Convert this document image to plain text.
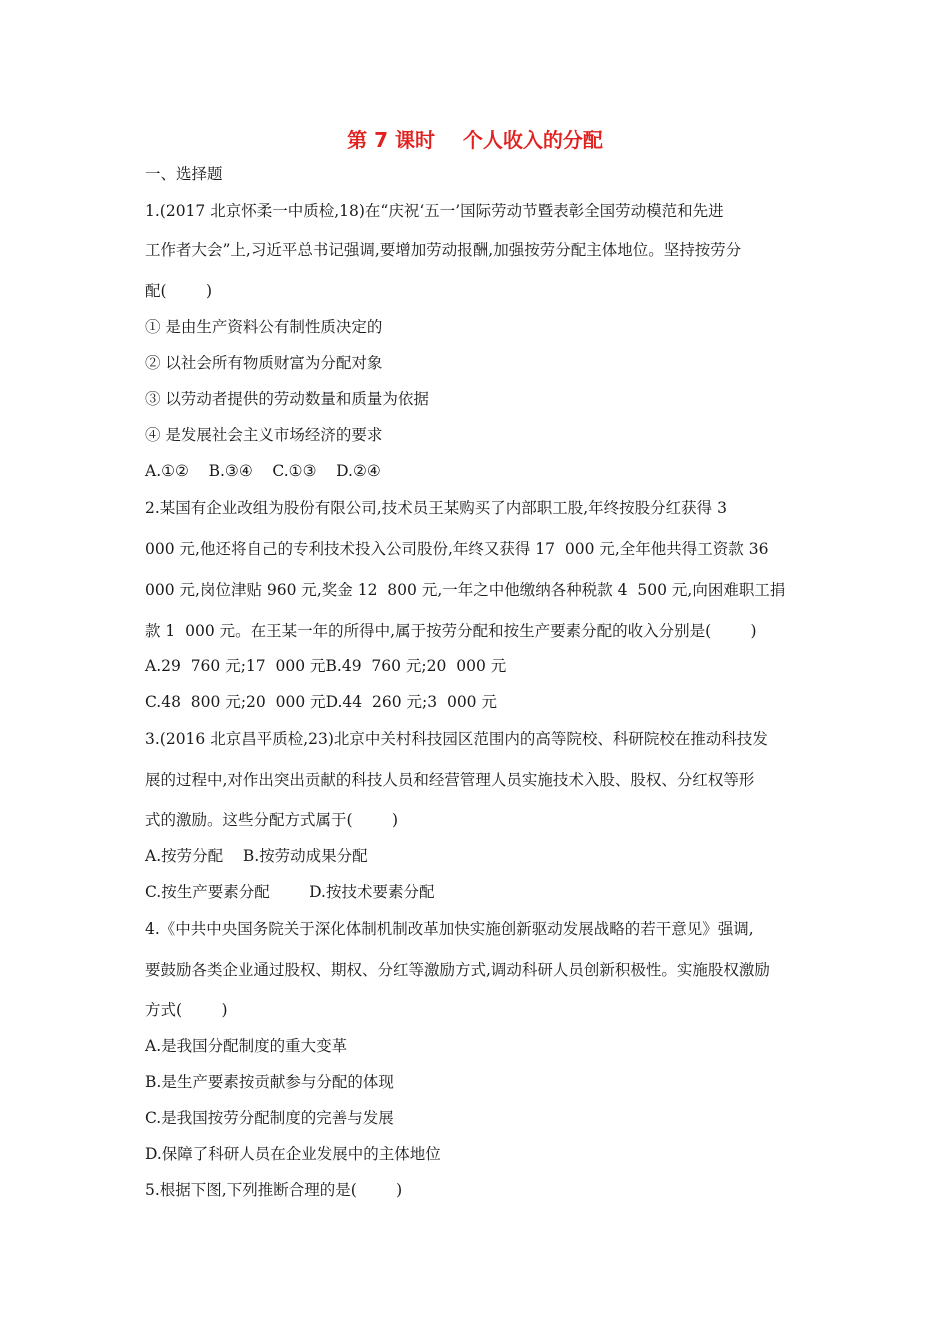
第 7 课时    个人收入的分配
一、选择题
1.(2017 北京怀柔一中质检,18)在“庆祝‘五一’国际劳动节暨表彰全国劳动模范和先进
工作者大会”上,习近平总书记强调,要增加劳动报酬,加强按劳分配主体地位。坚持按劳分
配(        )
① 是由生产资料公有制性质决定的
② 以社会所有物质财富为分配对象
③ 以劳动者提供的劳动数量和质量为依据
④ 是发展社会主义市场经济的要求
A.①②    B.③④    C.①③    D.②④
2.某国有企业改组为股份有限公司,技术员王某购买了内部职工股,年终按股分红获得 3
000 元,他还将自己的专利技术投入公司股份,年终又获得 17  000 元,全年他共得工资款 36
000 元,岗位津贴 960 元,奖金 12  800 元,一年之中他缴纳各种税款 4  500 元,向困难职工捐
款 1  000 元。在王某一年的所得中,属于按劳分配和按生产要素分配的收入分别是(        )
A.29  760 元;17  000 元B.49  760 元;20  000 元
C.48  800 元;20  000 元D.44  260 元;3  000 元
3.(2016 北京昌平质检,23)北京中关村科技园区范围内的高等院校、科研院校在推动科技发
展的过程中,对作出突出贡献的科技人员和经营管理人员实施技术入股、股权、分红权等形
式的激励。这些分配方式属于(        )
A.按劳分配    B.按劳动成果分配
C.按生产要素分配        D.按技术要素分配
4.《中共中央国务院关于深化体制机制改革加快实施创新驱动发展战略的若干意见》强调,
要鼓励各类企业通过股权、期权、分红等激励方式,调动科研人员创新积极性。实施股权激励
方式(        )
A.是我国分配制度的重大变革
B.是生产要素按贡献参与分配的体现
C.是我国按劳分配制度的完善与发展
D.保障了科研人员在企业发展中的主体地位
5.根据下图,下列推断合理的是(        )
